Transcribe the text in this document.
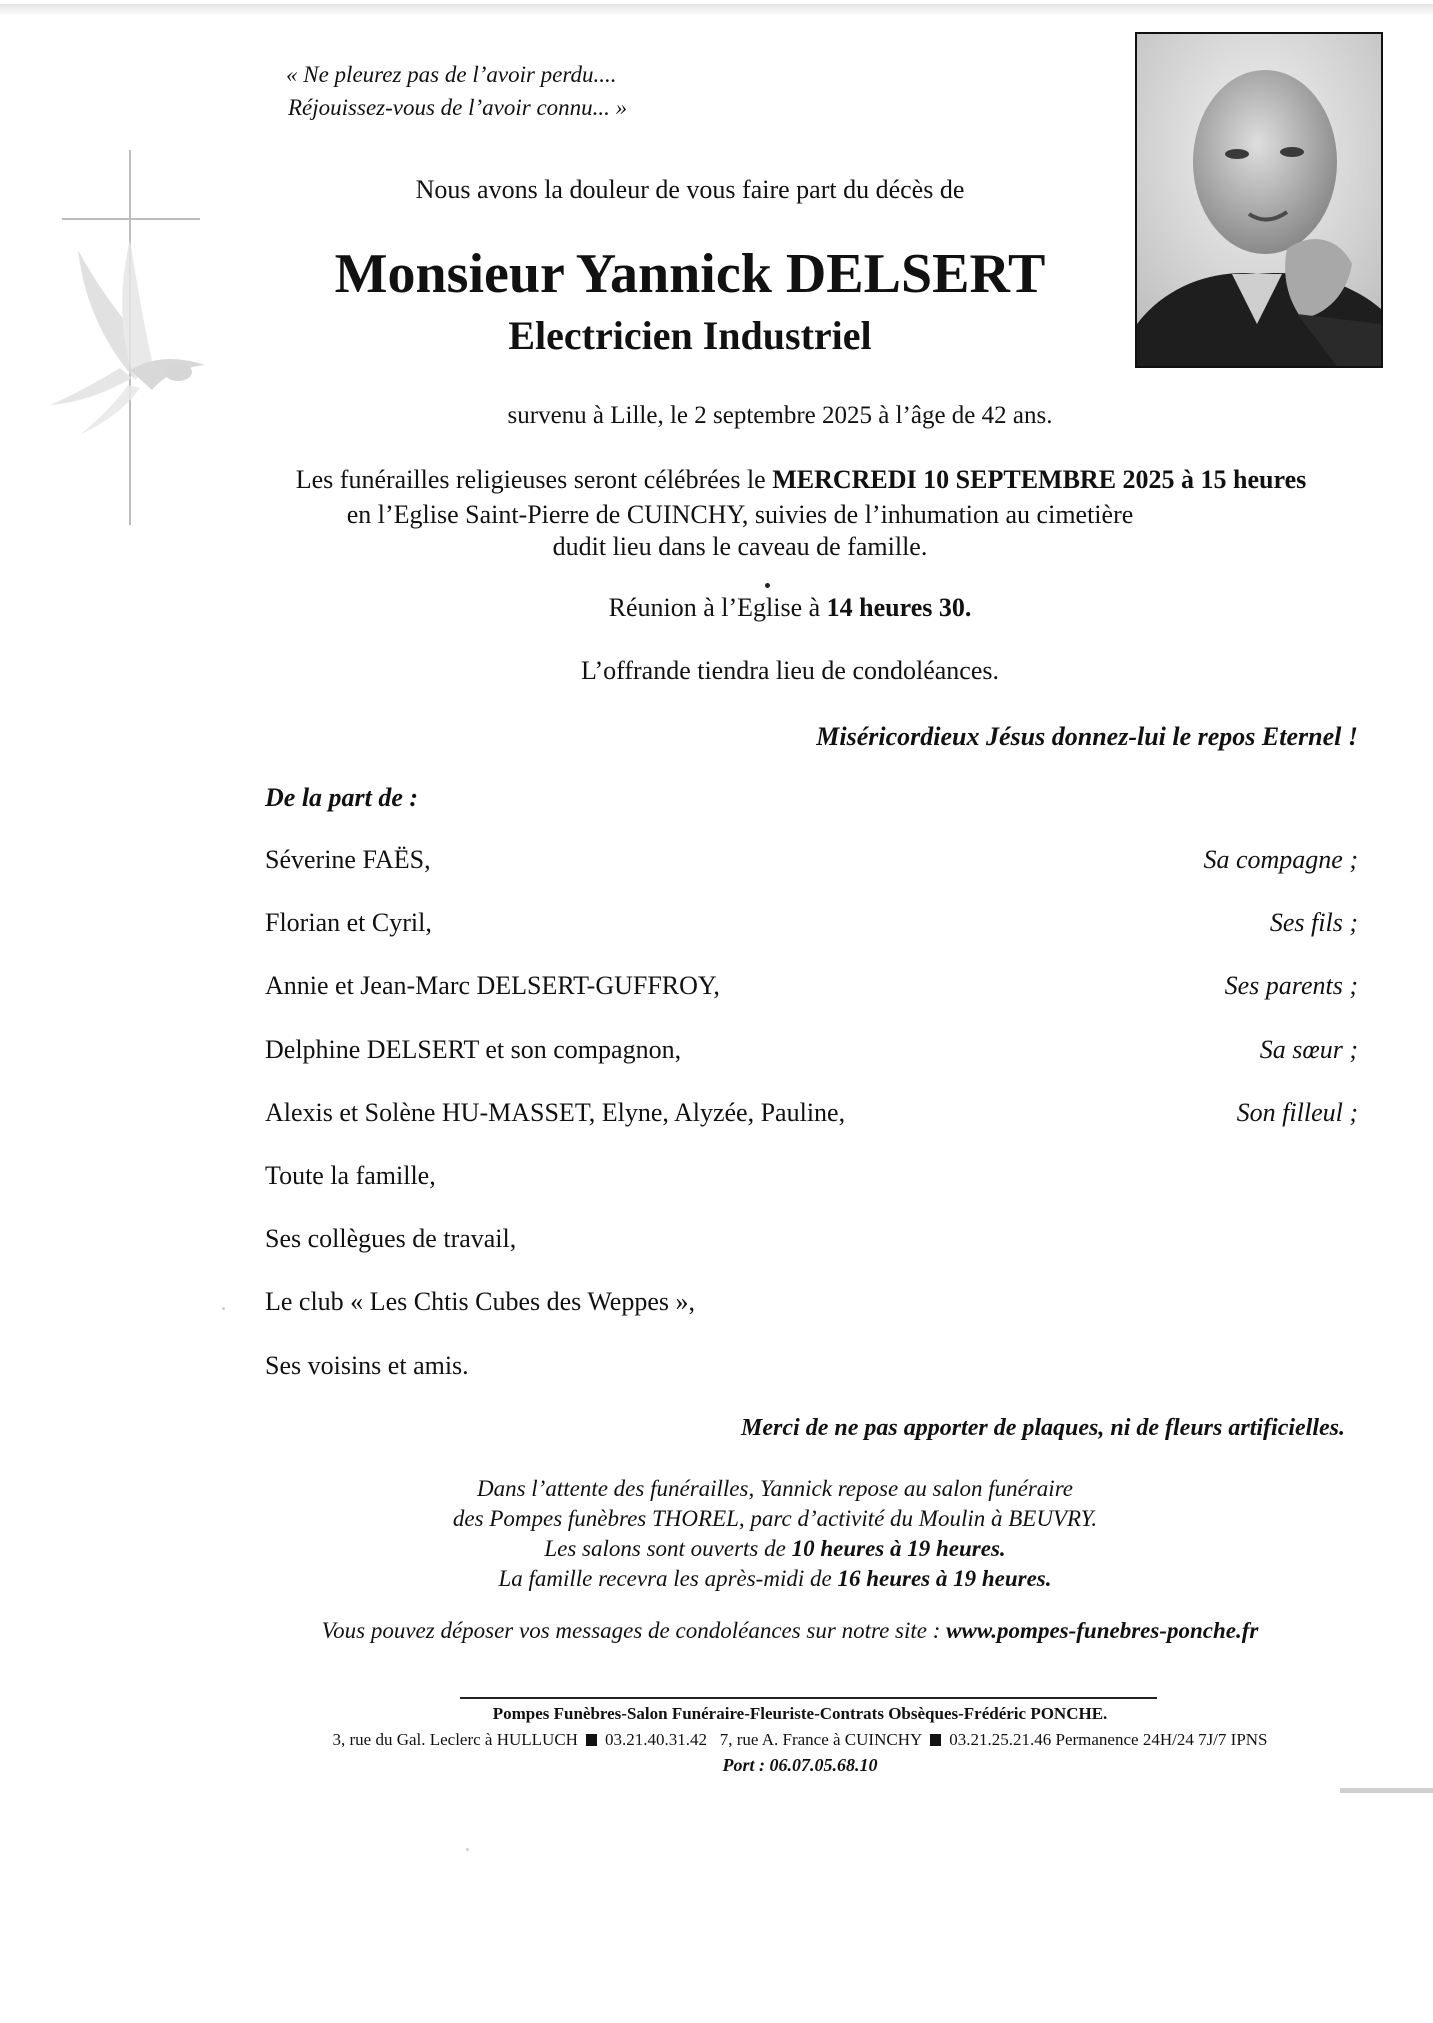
« Ne pleurez pas de l’avoir perdu....
Réjouissez-vous de l’avoir connu... »
Nous avons la douleur de vous faire part du décès de
Monsieur Yannick DELSERT
Electricien Industriel
survenu à Lille, le 2 septembre 2025 à l’âge de 42 ans.
Les funérailles religieuses seront célébrées le MERCREDI 10 SEPTEMBRE 2025 à 15 heures
en l’Eglise Saint-Pierre de CUINCHY, suivies de l’inhumation au cimetière
dudit lieu dans le caveau de famille.
Réunion à l’Eglise à 14 heures 30.
L’offrande tiendra lieu de condoléances.
Miséricordieux Jésus donnez-lui le repos Eternel !
De la part de :
Séverine FAËS,	Sa compagne ;
Florian et Cyril,	Ses fils ;
Annie et Jean-Marc DELSERT-GUFFROY,	Ses parents ;
Delphine DELSERT et son compagnon,	Sa sœur ;
Alexis et Solène HU-MASSET, Elyne, Alyzée, Pauline,	Son filleul ;
Toute la famille,
Ses collègues de travail,
Le club « Les Chtis Cubes des Weppes »,
Ses voisins et amis.
Merci de ne pas apporter de plaques, ni de fleurs artificielles.
Dans l’attente des funérailles, Yannick repose au salon funéraire
des Pompes funèbres THOREL, parc d’activité du Moulin à BEUVRY.
Les salons sont ouverts de 10 heures à 19 heures.
La famille recevra les après-midi de 16 heures à 19 heures.
Vous pouvez déposer vos messages de condoléances sur notre site : www.pompes-funebres-ponche.fr
Pompes Funèbres-Salon Funéraire-Fleuriste-Contrats Obsèques-Frédéric PONCHE.
3, rue du Gal. Leclerc à HULLUCH 03.21.40.31.42 7, rue A. France à CUINCHY 03.21.25.21.46 Permanence 24H/24 7J/7 IPNS
Port : 06.07.05.68.10
